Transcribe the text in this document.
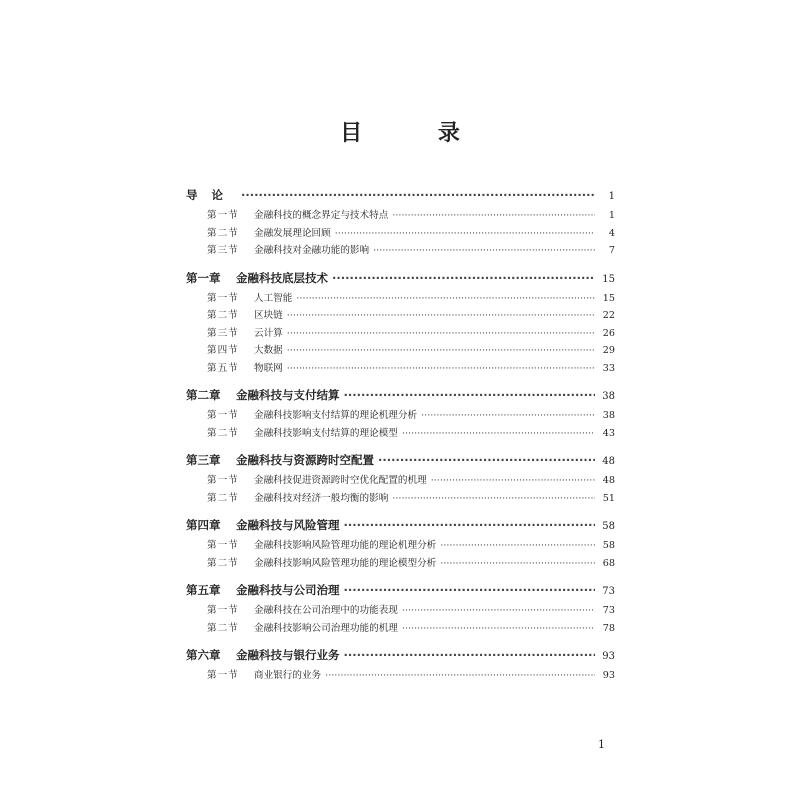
目 录
导论 ·····	1
第一节	金融科技的概念界定与技术特点 ·····	1
第二节	金融发展理论回顾 ·····	4
第三节	金融科技对金融功能的影响 ·····	7
第一章	金融科技底层技术 ·····	15
第一节	人工智能 ·····	15
第二节	区块链 ·····	22
第三节	云计算 ·····	26
第四节	大数据 ·····	29
第五节	物联网 ·····	33
第二章	金融科技与支付结算 ·····	38
第一节	金融科技影响支付结算的理论机理分析 ·····	38
第二节	金融科技影响支付结算的理论模型 ·····	43
第三章	金融科技与资源跨时空配置 ·····	48
第一节	金融科技促进资源跨时空优化配置的机理 ·····	48
第二节	金融科技对经济一般均衡的影响 ·····	51
第四章	金融科技与风险管理 ·····	58
第一节	金融科技影响风险管理功能的理论机理分析 ·····	58
第二节	金融科技影响风险管理功能的理论模型分析 ·····	68
第五章	金融科技与公司治理 ·····	73
第一节	金融科技在公司治理中的功能表现 ·····	73
第二节	金融科技影响公司治理功能的机理 ·····	78
第六章	金融科技与银行业务 ·····	93
第一节	商业银行的业务 ·····	93
1
